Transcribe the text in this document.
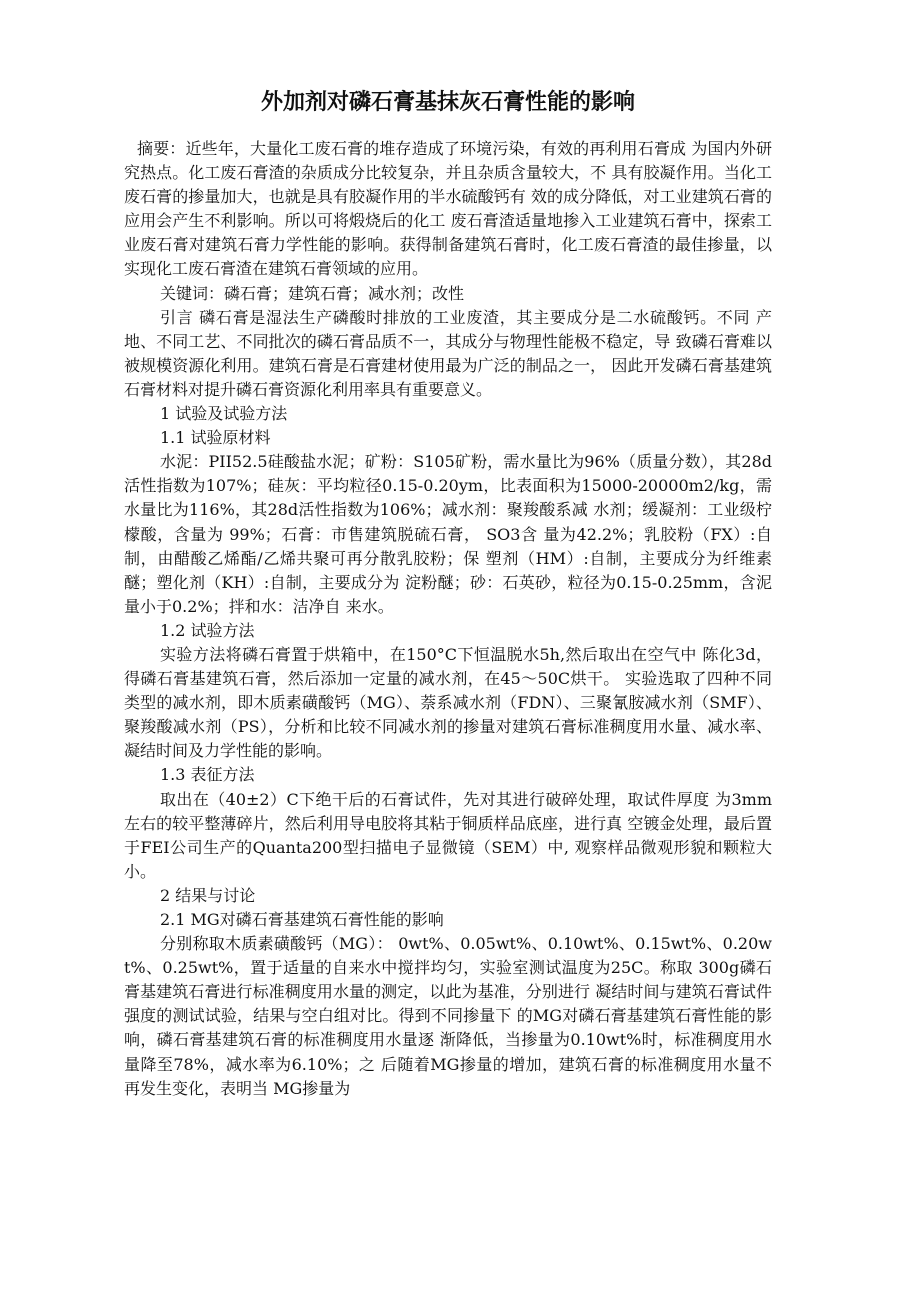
外加剂对磷石膏基抹灰石膏性能的影响

摘要：近些年，大量化工废石膏的堆存造成了环境污染，有效的再利用石膏成 为国内外研究热点。化工废石膏渣的杂质成分比较复杂，并且杂质含量较大，不 具有胶凝作用。当化工废石膏的掺量加大，也就是具有胶凝作用的半水硫酸钙有 效的成分降低，对工业建筑石膏的应用会产生不利影响。所以可将煅烧后的化工 废石膏渣适量地掺入工业建筑石膏中，探索工业废石膏对建筑石膏力学性能的影响。获得制备建筑石膏时，化工废石膏渣的最佳掺量，以实现化工废石膏渣在建筑石膏领域的应用。

关键词：磷石膏；建筑石膏；减水剂；改性

引言 磷石膏是湿法生产磷酸时排放的工业废渣，其主要成分是二水硫酸钙。不同 产地、不同工艺、不同批次的磷石膏品质不一，其成分与物理性能极不稳定，导 致磷石膏难以被规模资源化利用。建筑石膏是石膏建材使用最为广泛的制品之一， 因此开发磷石膏基建筑石膏材料对提升磷石膏资源化利用率具有重要意义。

1 试验及试验方法

1.1 试验原材料

水泥：PII52.5硅酸盐水泥；矿粉：S105矿粉，需水量比为96%（质量分数），其28d活性指数为107%；硅灰：平均粒径0.15-0.20ym，比表面积为15000-20000m2/kg，需水量比为116%，其28d活性指数为106%；减水剂：聚羧酸系减 水剂；缓凝剂：工业级柠檬酸，含量为 99%；石膏：市售建筑脱硫石膏， SO3含 量为42.2%；乳胶粉（FX）:自制，由醋酸乙烯酯/乙烯共聚可再分散乳胶粉；保 塑剂（HM）:自制，主要成分为纤维素醚；塑化剂（KH）:自制，主要成分为 淀粉醚；砂：石英砂，粒径为0.15-0.25mm，含泥量小于0.2%；拌和水：洁净自 来水。

1.2 试验方法

实验方法将磷石膏置于烘箱中，在150°C下恒温脱水5h,然后取出在空气中 陈化3d，得磷石膏基建筑石膏，然后添加一定量的减水剂，在45〜50C烘干。 实验选取了四种不同类型的减水剂，即木质素磺酸钙（MG）、萘系减水剂（FDN）、三聚氰胺减水剂（SMF）、聚羧酸减水剂（PS），分析和比较不同减水剂的掺量对建筑石膏标准稠度用水量、减水率、凝结时间及力学性能的影响。

1.3 表征方法

取出在（40±2）C下绝干后的石膏试件，先对其进行破碎处理，取试件厚度 为3mm左右的较平整薄碎片，然后利用导电胶将其粘于铜质样品底座，进行真 空镀金处理，最后置于FEI公司生产的Quanta200型扫描电子显微镜（SEM）中, 观察样品微观形貌和颗粒大小。

2 结果与讨论

2.1 MG对磷石膏基建筑石膏性能的影响

分别称取木质素磺酸钙（MG）： 0wt%、0.05wt%、0.10wt%、0.15wt%、0.20wt%、0.25wt%，置于适量的自来水中搅拌均匀，实验室测试温度为25C。称取 300g磷石膏基建筑石膏进行标准稠度用水量的测定，以此为基准，分别进行 凝结时间与建筑石膏试件强度的测试试验，结果与空白组对比。得到不同掺量下 的MG对磷石膏基建筑石膏性能的影响，磷石膏基建筑石膏的标准稠度用水量逐 渐降低，当掺量为0.10wt%时，标准稠度用水量降至78%，减水率为6.10%；之 后随着MG掺量的增加，建筑石膏的标准稠度用水量不再发生变化，表明当 MG掺量为
